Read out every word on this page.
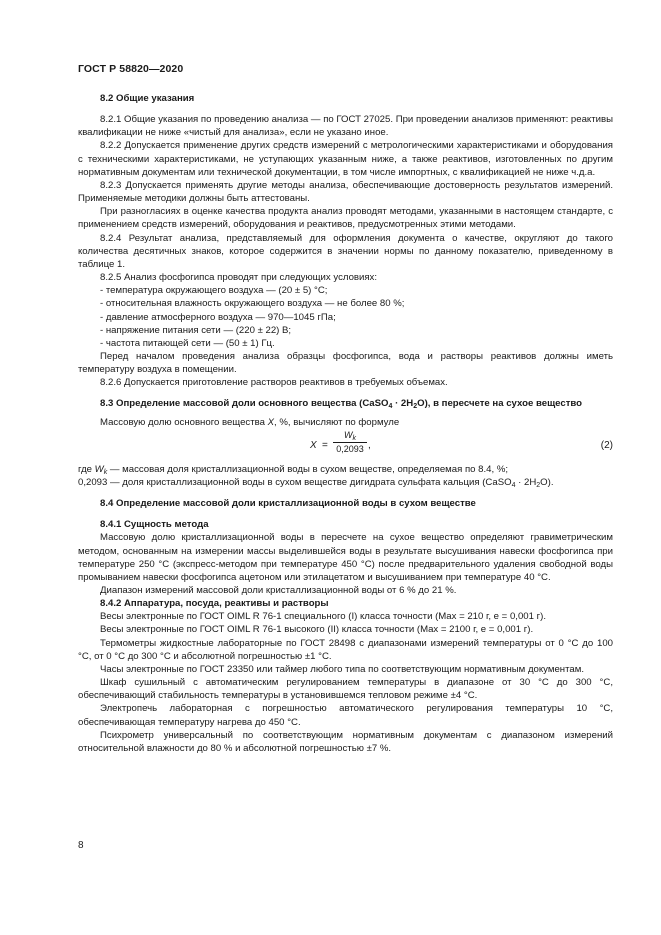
ГОСТ Р 58820—2020
8.2 Общие указания
8.2.1 Общие указания по проведению анализа — по ГОСТ 27025. При проведении анализов применяют: реактивы квалификации не ниже «чистый для анализа», если не указано иное.
8.2.2 Допускается применение других средств измерений с метрологическими характеристиками и оборудования с техническими характеристиками, не уступающих указанным ниже, а также реактивов, изготовленных по другим нормативным документам или технической документации, в том числе импортных, с квалификацией не ниже ч.д.а.
8.2.3 Допускается применять другие методы анализа, обеспечивающие достоверность результатов измерений. Применяемые методики должны быть аттестованы.
При разногласиях в оценке качества продукта анализ проводят методами, указанными в настоящем стандарте, с применением средств измерений, оборудования и реактивов, предусмотренных этими методами.
8.2.4 Результат анализа, представляемый для оформления документа о качестве, округляют до такого количества десятичных знаков, которое содержится в значении нормы по данному показателю, приведенному в таблице 1.
8.2.5 Анализ фосфогипса проводят при следующих условиях:
- температура окружающего воздуха — (20 ± 5) °С;
- относительная влажность окружающего воздуха — не более 80 %;
- давление атмосферного воздуха — 970—1045 гПа;
- напряжение питания сети — (220 ± 22) В;
- частота питающей сети — (50 ± 1) Гц.
Перед началом проведения анализа образцы фосфогипса, вода и растворы реактивов должны иметь температуру воздуха в помещении.
8.2.6 Допускается приготовление растворов реактивов в требуемых объемах.
8.3 Определение массовой доли основного вещества (CaSO$_4$ · $2H_2O$), в пересчете на сухое вещество
Массовую долю основного вещества X, %, вычисляют по формуле
$X = \frac{W_k}{0,2093}$ ,	(2)
где $W_k$ — массовая доля кристаллизационной воды в сухом веществе, определяемая по 8.4, %;
0,2093 — доля кристаллизационной воды в сухом веществе дигидрата сульфата кальция (CaSO$_4$ · $2H_2O$).
8.4 Определение массовой доли кристаллизационной воды в сухом веществе
8.4.1 Сущность метода
Массовую долю кристаллизационной воды в пересчете на сухое вещество определяют гравиметрическим методом, основанным на измерении массы выделившейся воды в результате высушивания навески фосфогипса при температуре 250 °С (экспресс-методом при температуре 450 °С) после предварительного удаления свободной воды промыванием навески фосфогипса ацетоном или этилацетатом и высушиванием при температуре 40 °С.
Диапазон измерений массовой доли кристаллизационной воды от 6 % до 21 %.
8.4.2 Аппаратура, посуда, реактивы и растворы
Весы электронные по ГОСТ OIML R 76-1 специального (I) класса точности (Max = 210 г, e = 0,001 г).
Весы электронные по ГОСТ OIML R 76-1 высокого (II) класса точности (Max = 2100 г, e = 0,001 г).
Термометры жидкостные лабораторные по ГОСТ 28498 с диапазонами измерений температуры от 0 °С до 100 °С, от 0 °С до 300 °С и абсолютной погрешностью ±1 °С.
Часы электронные по ГОСТ 23350 или таймер любого типа по соответствующим нормативным документам.
Шкаф сушильный с автоматическим регулированием температуры в диапазоне от 30 °С до 300 °С, обеспечивающий стабильность температуры в установившемся тепловом режиме ±4 °С.
Электропечь лабораторная с погрешностью автоматического регулирования температуры 10 °С, обеспечивающая температуру нагрева до 450 °С.
Психрометр универсальный по соответствующим нормативным документам с диапазоном измерений относительной влажности до 80 % и абсолютной погрешностью ±7 %.
8
